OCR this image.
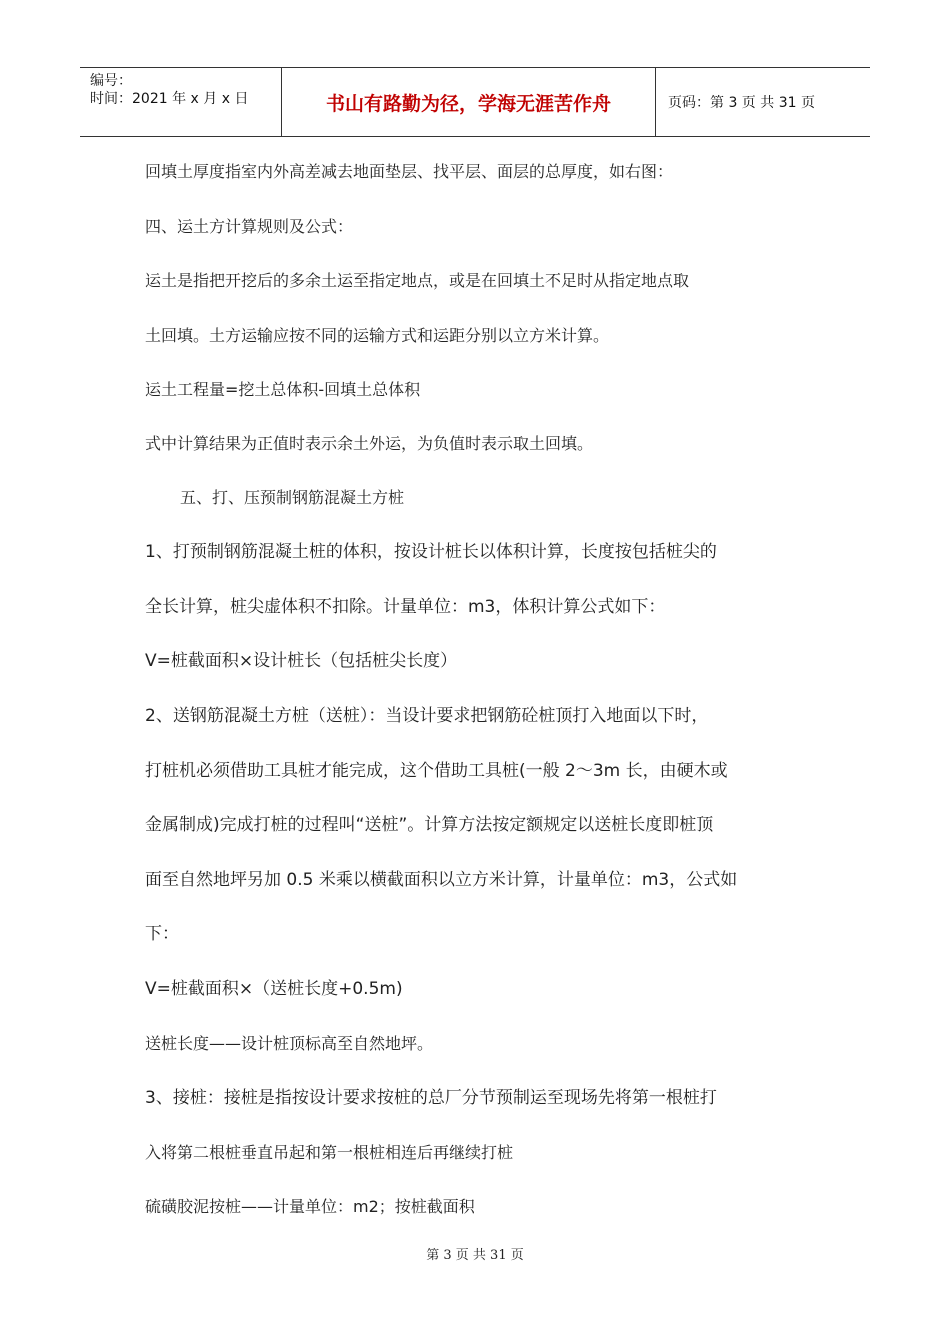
编号：
时间：2021 年 x 月 x 日	书山有路勤为径，学海无涯苦作舟	页码：第 3 页 共 31 页
回填土厚度指室内外高差减去地面垫层、找平层、面层的总厚度，如右图：
四、运土方计算规则及公式：
运土是指把开挖后的多余土运至指定地点，或是在回填土不足时从指定地点取
土回填。土方运输应按不同的运输方式和运距分别以立方米计算。
运土工程量=挖土总体积-回填土总体积
式中计算结果为正值时表示余土外运，为负值时表示取土回填。
五、打、压预制钢筋混凝土方桩
1、打预制钢筋混凝土桩的体积，按设计桩长以体积计算，长度按包括桩尖的
全长计算，桩尖虚体积不扣除。计量单位：m3，体积计算公式如下：
V=桩截面积×设计桩长（包括桩尖长度）
2、送钢筋混凝土方桩（送桩）：当设计要求把钢筋砼桩顶打入地面以下时，
打桩机必须借助工具桩才能完成，这个借助工具桩(一般 2～3m 长，由硬木或
金属制成)完成打桩的过程叫“送桩”。计算方法按定额规定以送桩长度即桩顶
面至自然地坪另加 0.5 米乘以横截面积以立方米计算，计量单位：m3，公式如
下：
V=桩截面积×（送桩长度+0.5m)
送桩长度——设计桩顶标高至自然地坪。
3、接桩：接桩是指按设计要求按桩的总厂分节预制运至现场先将第一根桩打
入将第二根桩垂直吊起和第一根桩相连后再继续打桩
硫磺胶泥按桩——计量单位：m2；按桩截面积
第 3 页 共 31 页
